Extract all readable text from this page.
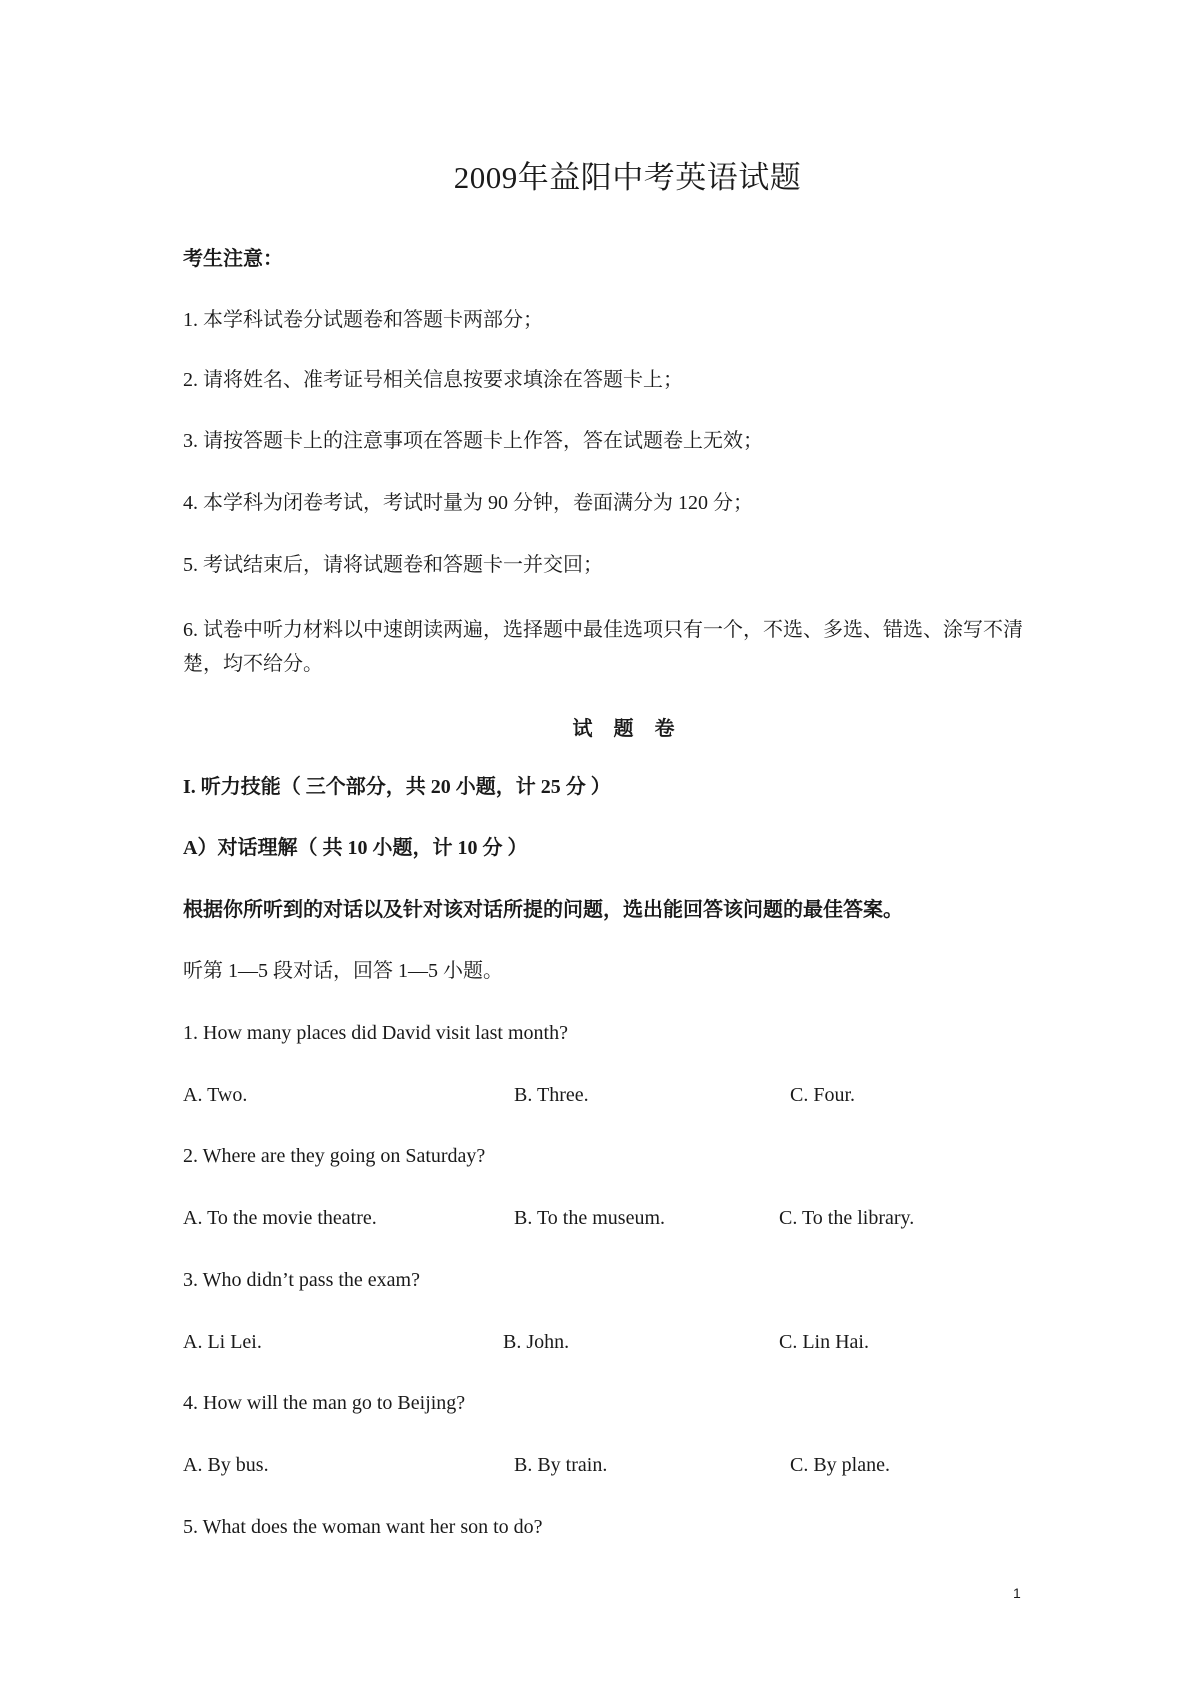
2009年益阳中考英语试题
考生注意：
1. 本学科试卷分试题卷和答题卡两部分；
2. 请将姓名、准考证号相关信息按要求填涂在答题卡上；
3. 请按答题卡上的注意事项在答题卡上作答，答在试题卷上无效；
4. 本学科为闭卷考试，考试时量为 90 分钟，卷面满分为 120 分；
5. 考试结束后，请将试题卷和答题卡一并交回；
6. 试卷中听力材料以中速朗读两遍，选择题中最佳选项只有一个，不选、多选、错选、涂写不清楚，均不给分。
试 题 卷
I. 听力技能（ 三个部分，共 20 小题，计 25 分 ）
A）对话理解（ 共 10 小题，计 10 分 ）
根据你所听到的对话以及针对该对话所提的问题，选出能回答该问题的最佳答案。
听第 1—5 段对话，回答 1—5 小题。
1. How many places did David visit last month?
A. Two.	B. Three.	C. Four.
2. Where are they going on Saturday?
A. To the movie theatre.	B. To the museum.	C. To the library.
3. Who didn’t pass the exam?
A. Li Lei.	B. John.	C. Lin Hai.
4. How will the man go to Beijing?
A. By bus.	B. By train.	C. By plane.
5. What does the woman want her son to do?
1
